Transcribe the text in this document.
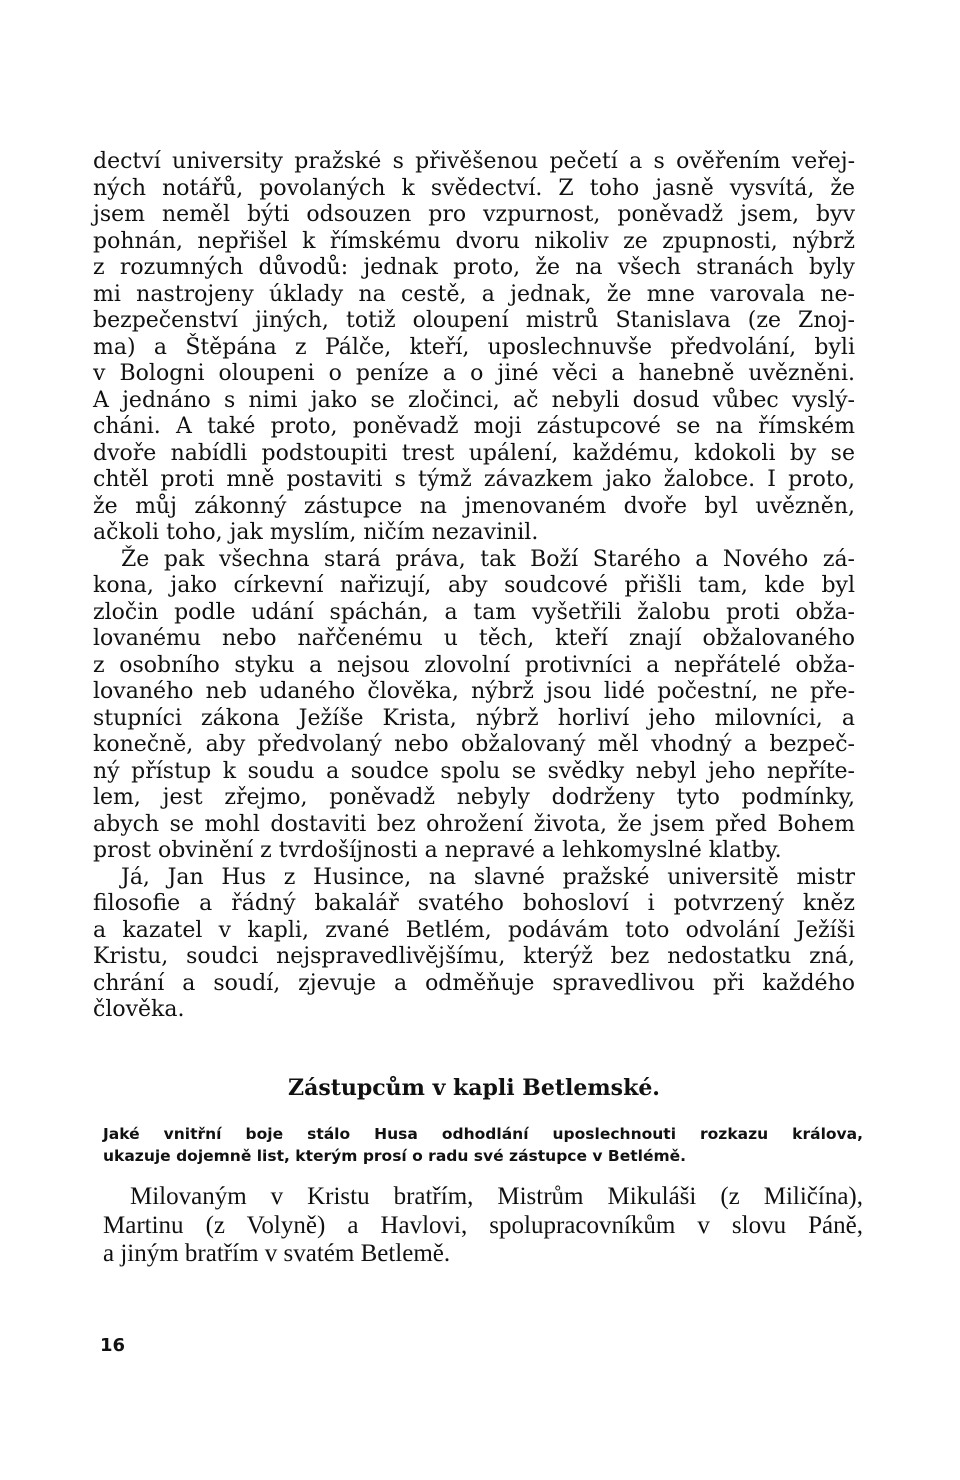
dectví university pražské s přivěšenou pečetí a s ověřením veřej-
ných notářů, povolaných k svědectví. Z toho jasně vysvítá, že
jsem neměl býti odsouzen pro vzpurnost, poněvadž jsem, byv
pohnán, nepřišel k římskému dvoru nikoliv ze zpupnosti, nýbrž
z rozumných důvodů: jednak proto, že na všech stranách byly
mi nastrojeny úklady na cestě, a jednak, že mne varovala ne-
bezpečenství jiných, totiž oloupení mistrů Stanislava (ze Znoj-
ma) a Štěpána z Pálče, kteří, uposlechnuvše předvolání, byli
v Bologni oloupeni o peníze a o jiné věci a hanebně uvězněni.
A jednáno s nimi jako se zločinci, ač nebyli dosud vůbec vyslý-
cháni. A také proto, poněvadž moji zástupcové se na římském
dvoře nabídli podstoupiti trest upálení, každému, kdokoli by se
chtěl proti mně postaviti s týmž závazkem jako žalobce. I proto,
že můj zákonný zástupce na jmenovaném dvoře byl uvězněn,
ačkoli toho, jak myslím, ničím nezavinil.
Že pak všechna stará práva, tak Boží Starého a Nového zá-
kona, jako církevní nařizují, aby soudcové přišli tam, kde byl
zločin podle udání spáchán, a tam vyšetřili žalobu proti obža-
lovanému nebo nařčenému u těch, kteří znají obžalovaného
z osobního styku a nejsou zlovolní protivníci a nepřátelé obža-
lovaného neb udaného člověka, nýbrž jsou lidé počestní, ne pře-
stupníci zákona Ježíše Krista, nýbrž horliví jeho milovníci, a
konečně, aby předvolaný nebo obžalovaný měl vhodný a bezpeč-
ný přístup k soudu a soudce spolu se svědky nebyl jeho nepříte-
lem, jest zřejmo, poněvadž nebyly dodrženy tyto podmínky,
abych se mohl dostaviti bez ohrožení života, že jsem před Bohem
prost obvinění z tvrdošíjnosti a nepravé a lehkomyslné klatby.
Já, Jan Hus z Husince, na slavné pražské universitě mistr
filosofie a řádný bakalář svatého bohosloví i potvrzený kněz
a kazatel v kapli, zvané Betlém, podávám toto odvolání Ježíši
Kristu, soudci nejspravedlivějšímu, kterýž bez nedostatku zná,
chrání a soudí, zjevuje a odměňuje spravedlivou při každého
člověka.
Zástupcům v kapli Betlemské.
Jaké vnitřní boje stálo Husa odhodlání uposlechnouti rozkazu králova,
ukazuje dojemně list, kterým prosí o radu své zástupce v Betlémě.
Milovaným v Kristu bratřím, Mistrům Mikuláši (z Miličína),
Martinu (z Volyně) a Havlovi, spolupracovníkům v slovu Páně,
a jiným bratřím v svatém Betlemě.
16
